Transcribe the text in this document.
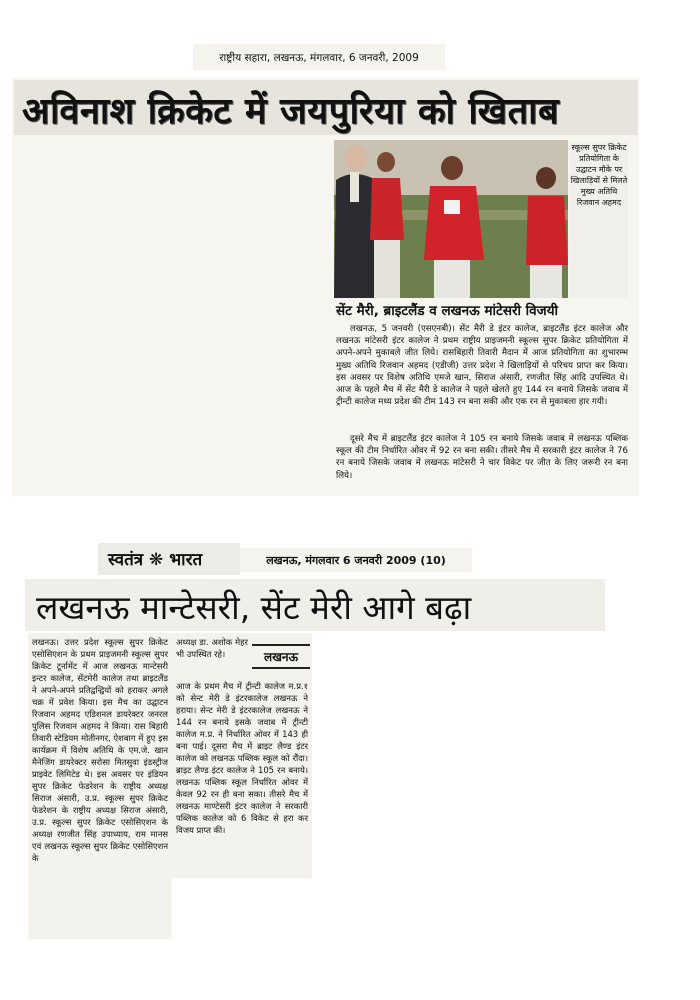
राष्ट्रीय सहारा, लखनऊ, मंगलवार, 6 जनवरी, 2009
अविनाश क्रिकेट में जयपुरिया को खिताब
स्कूल्स सुपर क्रिकेट प्रतियोगिता के उद्घाटन मौके पर खिलाड़ियों से मिलते मुख्य अतिथि रिजवान अहमद
सेंट मैरी, ब्राइटलैंड व लखनऊ मांटेसरी विजयी
लखनऊ, 5 जनवरी (एसएनबी)। सेंट मैरी डे इंटर कालेज, ब्राइटलैंड इंटर कालेज और लखनऊ मांटेसरी इंटर कालेज ने प्रथम राष्ट्रीय प्राइजमनी स्कूल्स सुपर क्रिकेट प्रतियोगिता में अपने-अपने मुकाबले जीत लिये। रासबिहारी तिवारी मैदान में आज प्रतियोगिता का शुभारम्भ मुख्य अतिथि रिजवान अहमद (एडीजी) उत्तर प्रदेश ने खिलाड़ियों से परिचय प्राप्त कर किया। इस अवसर पर विशेष अतिथि एमजे खान, सिराज अंसारी, रणजीत सिंह आदि उपस्थित थे। आज के पहले मैच में सेंट मैरी डे कालेज ने पहले खेलते हुए 144 रन बनाये जिसके जवाब में ट्रीन्टी कालेज मध्य प्रदेश की टीम 143 रन बना सकी और एक रन से मुकाबला हार गयी।
दूसरे मैच में ब्राइटलैंड इंटर कालेज ने 105 रन बनाये जिसके जवाब में लखनऊ पब्लिक स्कूल की टीम निर्धारित ओवर में 92 रन बना सकी। तीसरे मैच में सरकारी इंटर कालेज ने 76 रन बनाये जिसके जवाब में लखनऊ मांटेसरी ने चार विकेट पर जीत के लिए जरूरी रन बना लिये।
स्वतंत्र ❋ भारत	लखनऊ, मंगलवार 6 जनवरी 2009 (10)
लखनऊ मान्टेसरी, सेंट मेरी आगे बढ़ा
लखनऊ। उत्तर प्रदेश स्कूल्स सुपर क्रिकेट एसोसिएशन के प्रथम प्राइजमनी स्कूल्स सुपर क्रिकेट टूर्नामेंट में आज लखनऊ मान्टेसरी इन्टर कालेज, सेंटमेरी कालेज तथा ब्राइटलैंड ने अपने-अपने प्रतिद्वन्द्वियों को हराकर अगले चक्र में प्रवेश किया। इस मैच का उद्घाटन रिजवान अहमद एडिशनल डायरेक्टर जनरल पुलिस रिजवान अहमद ने किया। रास बिहारी तिवारी स्टेडियम मोतीनगर, ऐशबाग में हुए इस कार्यक्रम में विशेष अतिथि के एम.जे. खान मैनेजिंग डायरेक्टर सरोसा मितसुवा इंडस्ट्रीज प्राइवेट लिमिटेड थे। इस अवसर पर इंडियन सुपर क्रिकेट फेडरेशन के राष्ट्रीय अध्यक्ष सिराज अंसारी, उ.प्र. स्कूल्स सुपर क्रिकेट फेडरेशन के राष्ट्रीय अध्यक्ष सिराज अंसारी, उ.प्र. स्कूल्स सुपर क्रिकेट एसोसिएशन के अध्यक्ष रणजीत सिंह उपाध्याय, राम मानस एवं लखनऊ स्कूल्स सुपर क्रिकेट एसोसिएशन के
अध्यक्ष डा. अशोक मेहर भी उपस्थित रहे।	लखनऊ
आज के प्रथम मैच में ट्रीन्टी कालेज म.प्र.१ को सेन्ट मेरी डे इंटरकालेज लखनऊ ने हराया। सेन्ट मेरी डे इंटरकालेज लखनऊ ने 144 रन बनाये इसके जवाब में ट्रीन्टी कालेज म.प्र. ने निर्धारित ओवर में 143 ही बना पाई। दूसरा मैच में ब्राइट लैण्ड इंटर कालेज को लखनऊ पब्लिक स्कूल को रौंदा। ब्राइट लैण्ड इंटर कालेज ने 105 रन बनाये। लखनऊ पब्लिक स्कूल निर्धारित ओवर में केवल 92 रन ही बना सका। तीसरे मैच में लखनऊ माण्टेसरी इंटर कालेज ने सरकारी पब्लिक कालेज को 6 विकेट से हरा कर विजय प्राप्त की।
